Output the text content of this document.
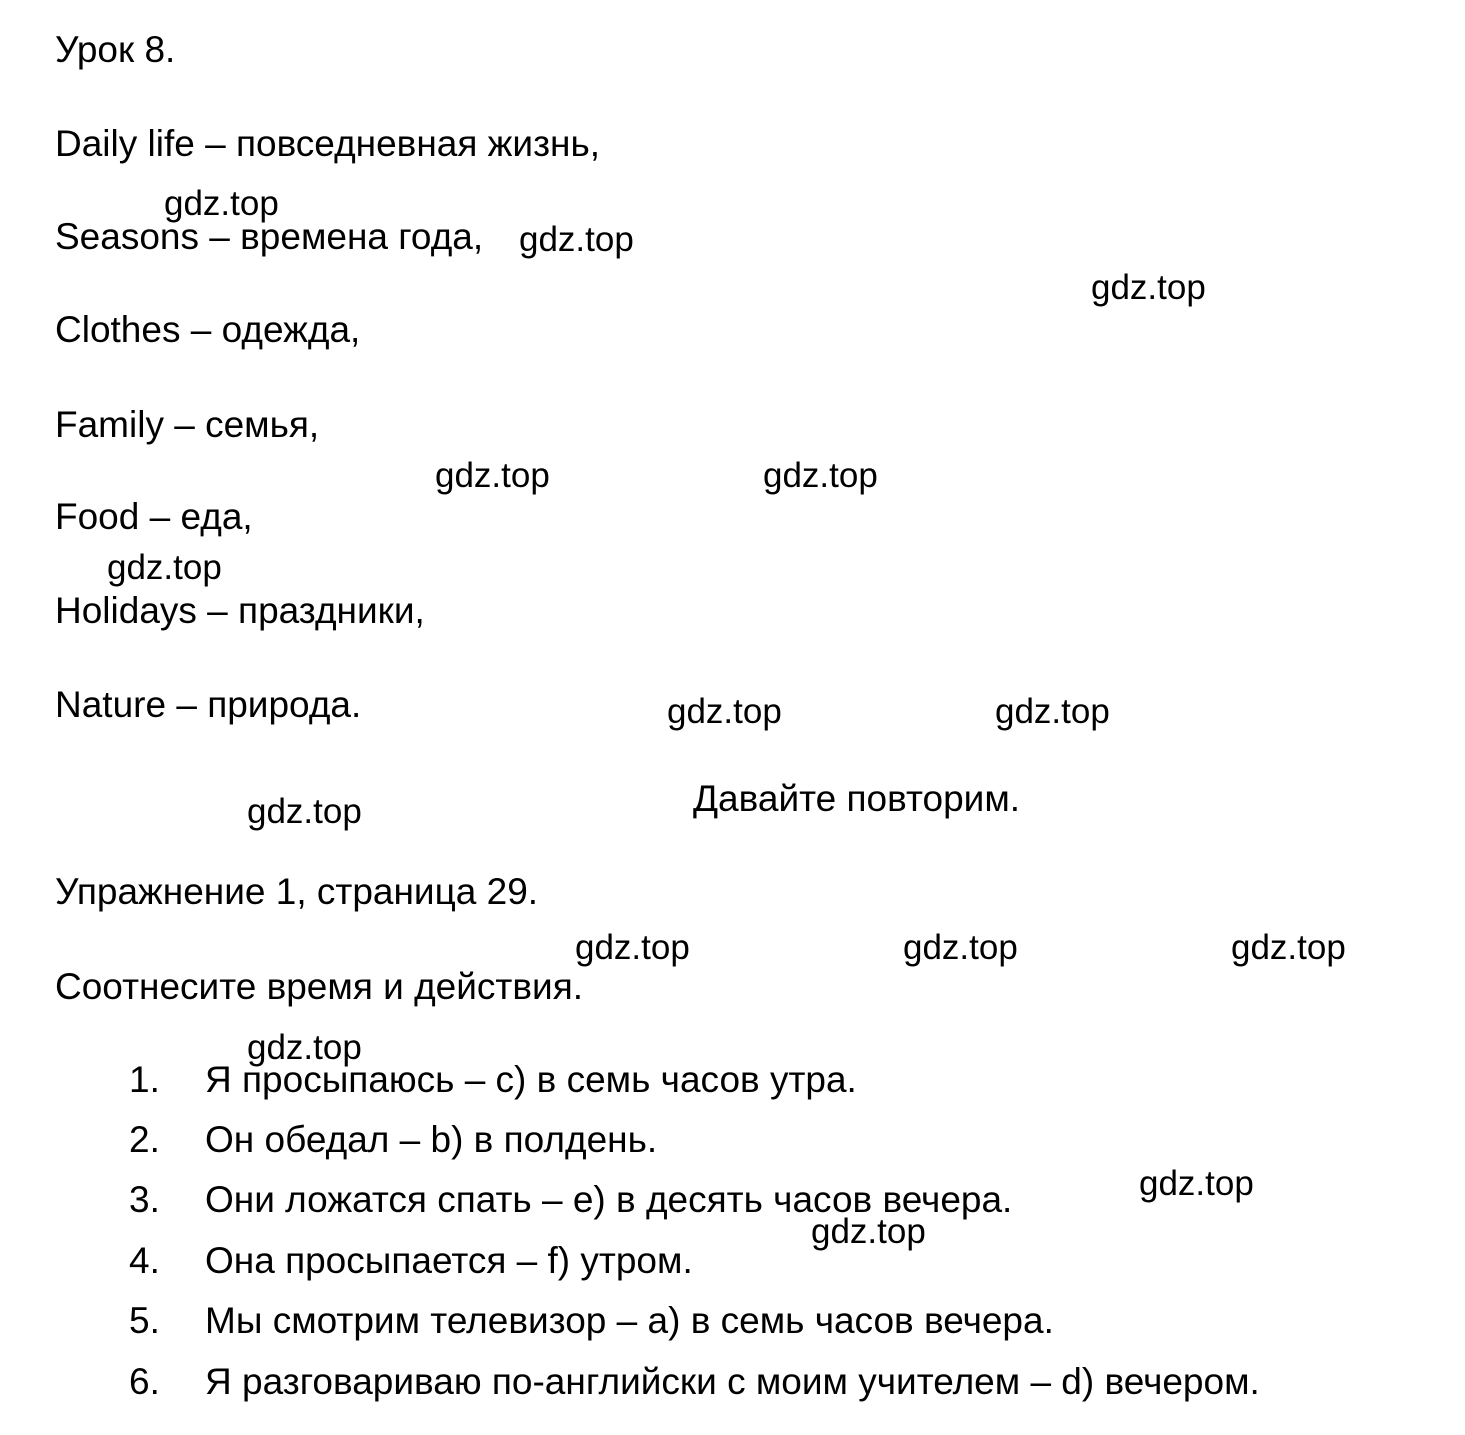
Урок 8.
Daily life – повседневная жизнь,
Seasons – времена года,
Clothes – одежда,
Family – семья,
Food – еда,
Holidays – праздники,
Nature – природа.
Давайте повторим.
Упражнение 1, страница 29.
Соотнесите время и действия.
1. Я просыпаюсь – c) в семь часов утра.
2. Он обедал – b) в полдень.
3. Они ложатся спать – e) в десять часов вечера.
4. Она просыпается – f) утром.
5. Мы смотрим телевизор – a) в семь часов вечера.
6. Я разговариваю по-английски с моим учителем – d) вечером.
gdz.top
gdz.top
gdz.top
gdz.top	gdz.top
gdz.top
gdz.top	gdz.top
gdz.top
gdz.top	gdz.top	gdz.top
gdz.top
gdz.top
gdz.top
